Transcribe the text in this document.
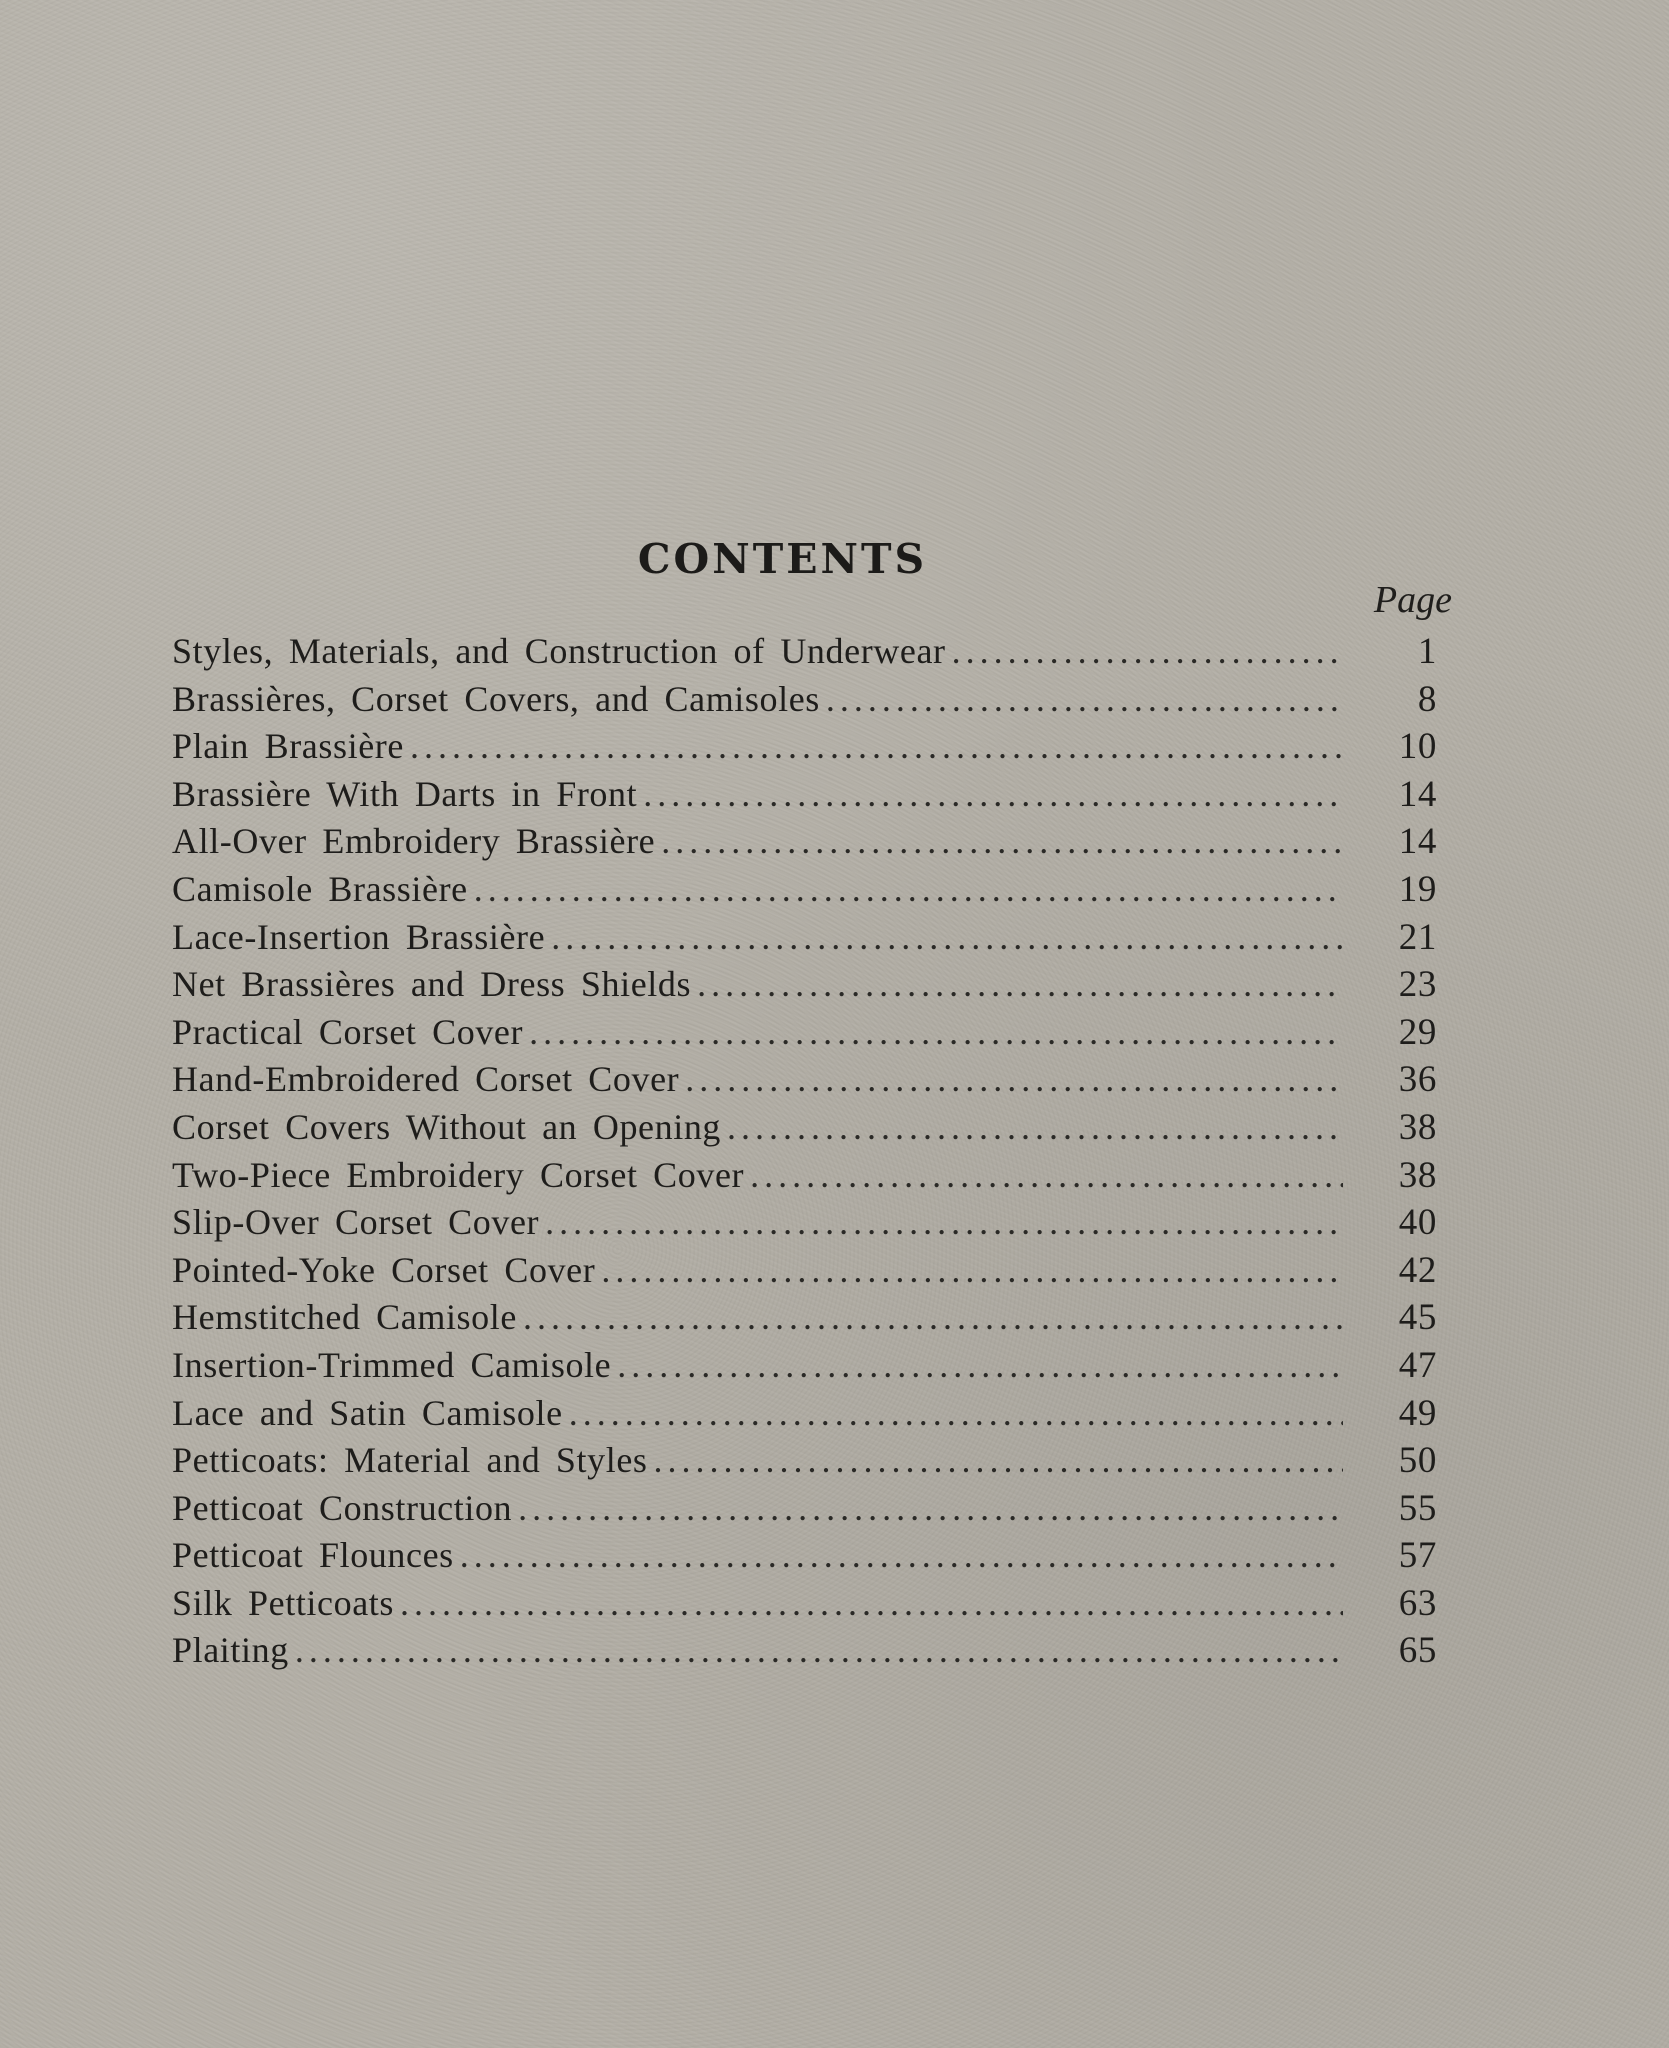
CONTENTS
Page
Styles, Materials, and Construction of Underwear .....	1
Brassières, Corset Covers, and Camisoles .....	8
Plain Brassière .....	10
Brassière With Darts in Front .....	14
All-Over Embroidery Brassière .....	14
Camisole Brassière .....	19
Lace-Insertion Brassière .....	21
Net Brassières and Dress Shields .....	23
Practical Corset Cover .....	29
Hand-Embroidered Corset Cover .....	36
Corset Covers Without an Opening .....	38
Two-Piece Embroidery Corset Cover .....	38
Slip-Over Corset Cover .....	40
Pointed-Yoke Corset Cover .....	42
Hemstitched Camisole .....	45
Insertion-Trimmed Camisole .....	47
Lace and Satin Camisole .....	49
Petticoats: Material and Styles .....	50
Petticoat Construction .....	55
Petticoat Flounces .....	57
Silk Petticoats .....	63
Plaiting .....	65
